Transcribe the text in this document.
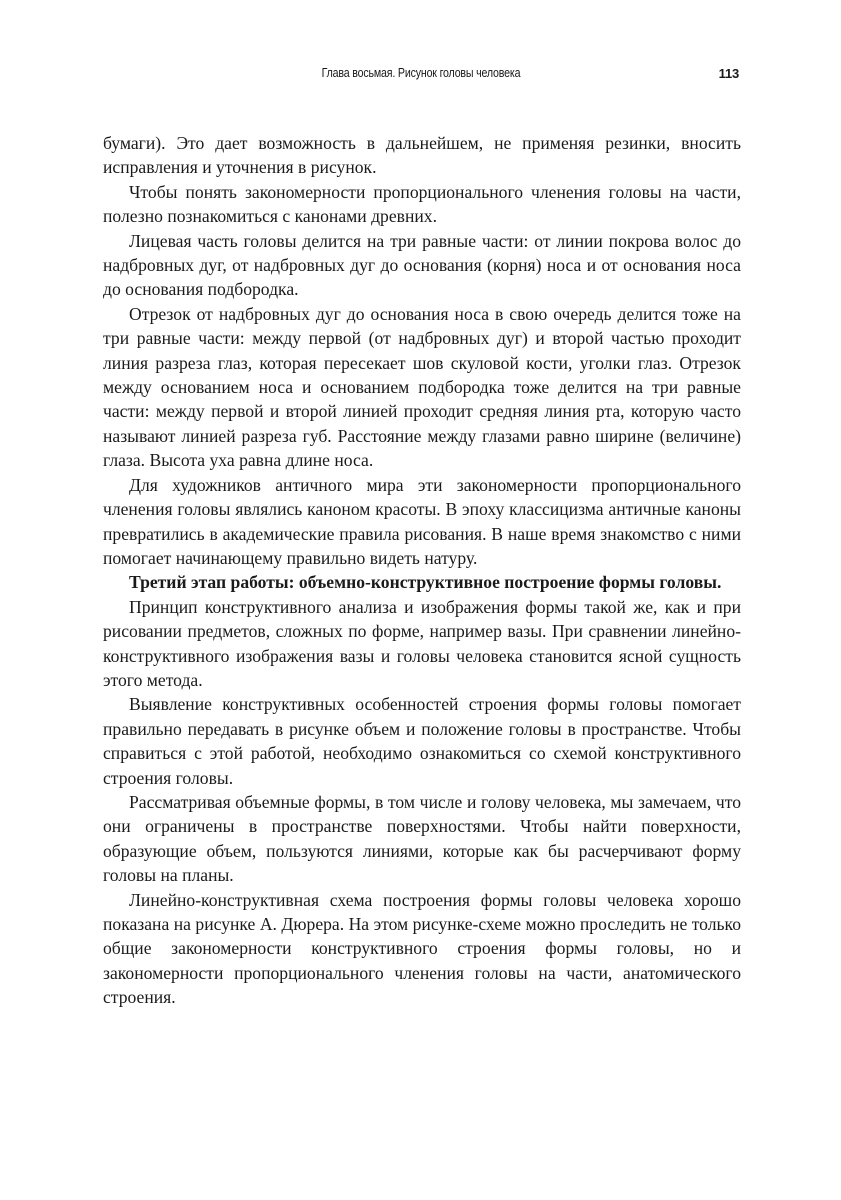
Глава восьмая. Рисунок головы человека	113

бумаги). Это дает возможность в дальнейшем, не применяя резинки, вносить исправления и уточнения в рисунок.

Чтобы понять закономерности пропорционального членения головы на части, полезно познакомиться с канонами древних.

Лицевая часть головы делится на три равные части: от линии покрова волос до надбровных дуг, от надбровных дуг до основания (корня) носа и от основания носа до основания подбородка.

Отрезок от надбровных дуг до основания носа в свою очередь делится тоже на три равные части: между первой (от надбровных дуг) и второй частью проходит линия разреза глаз, которая пересекает шов скуловой кости, уголки глаз. Отрезок между основанием носа и основанием подбородка тоже делится на три равные части: между первой и второй линией проходит средняя линия рта, которую часто называют линией разреза губ. Расстояние между глазами равно ширине (величине) глаза. Высота уха равна длине носа.

Для художников античного мира эти закономерности пропорционального членения головы являлись каноном красоты. В эпоху классицизма античные каноны превратились в академические правила рисования. В наше время знакомство с ними помогает начинающему правильно видеть натуру.

Третий этап работы: объемно-конструктивное построение формы головы.

Принцип конструктивного анализа и изображения формы такой же, как и при рисовании предметов, сложных по форме, например вазы. При сравнении линейно-конструктивного изображения вазы и головы человека становится ясной сущность этого метода.

Выявление конструктивных особенностей строения формы головы помогает правильно передавать в рисунке объем и положение головы в пространстве. Чтобы справиться с этой работой, необходимо ознакомиться со схемой конструктивного строения головы.

Рассматривая объемные формы, в том числе и голову человека, мы замечаем, что они ограничены в пространстве поверхностями. Чтобы найти поверхности, образующие объем, пользуются линиями, которые как бы расчерчивают форму головы на планы.

Линейно-конструктивная схема построения формы головы человека хорошо показана на рисунке А. Дюрера. На этом рисунке-схеме можно проследить не только общие закономерности конструктивного строения формы головы, но и закономерности пропорционального членения головы на части, анатомического строения.
